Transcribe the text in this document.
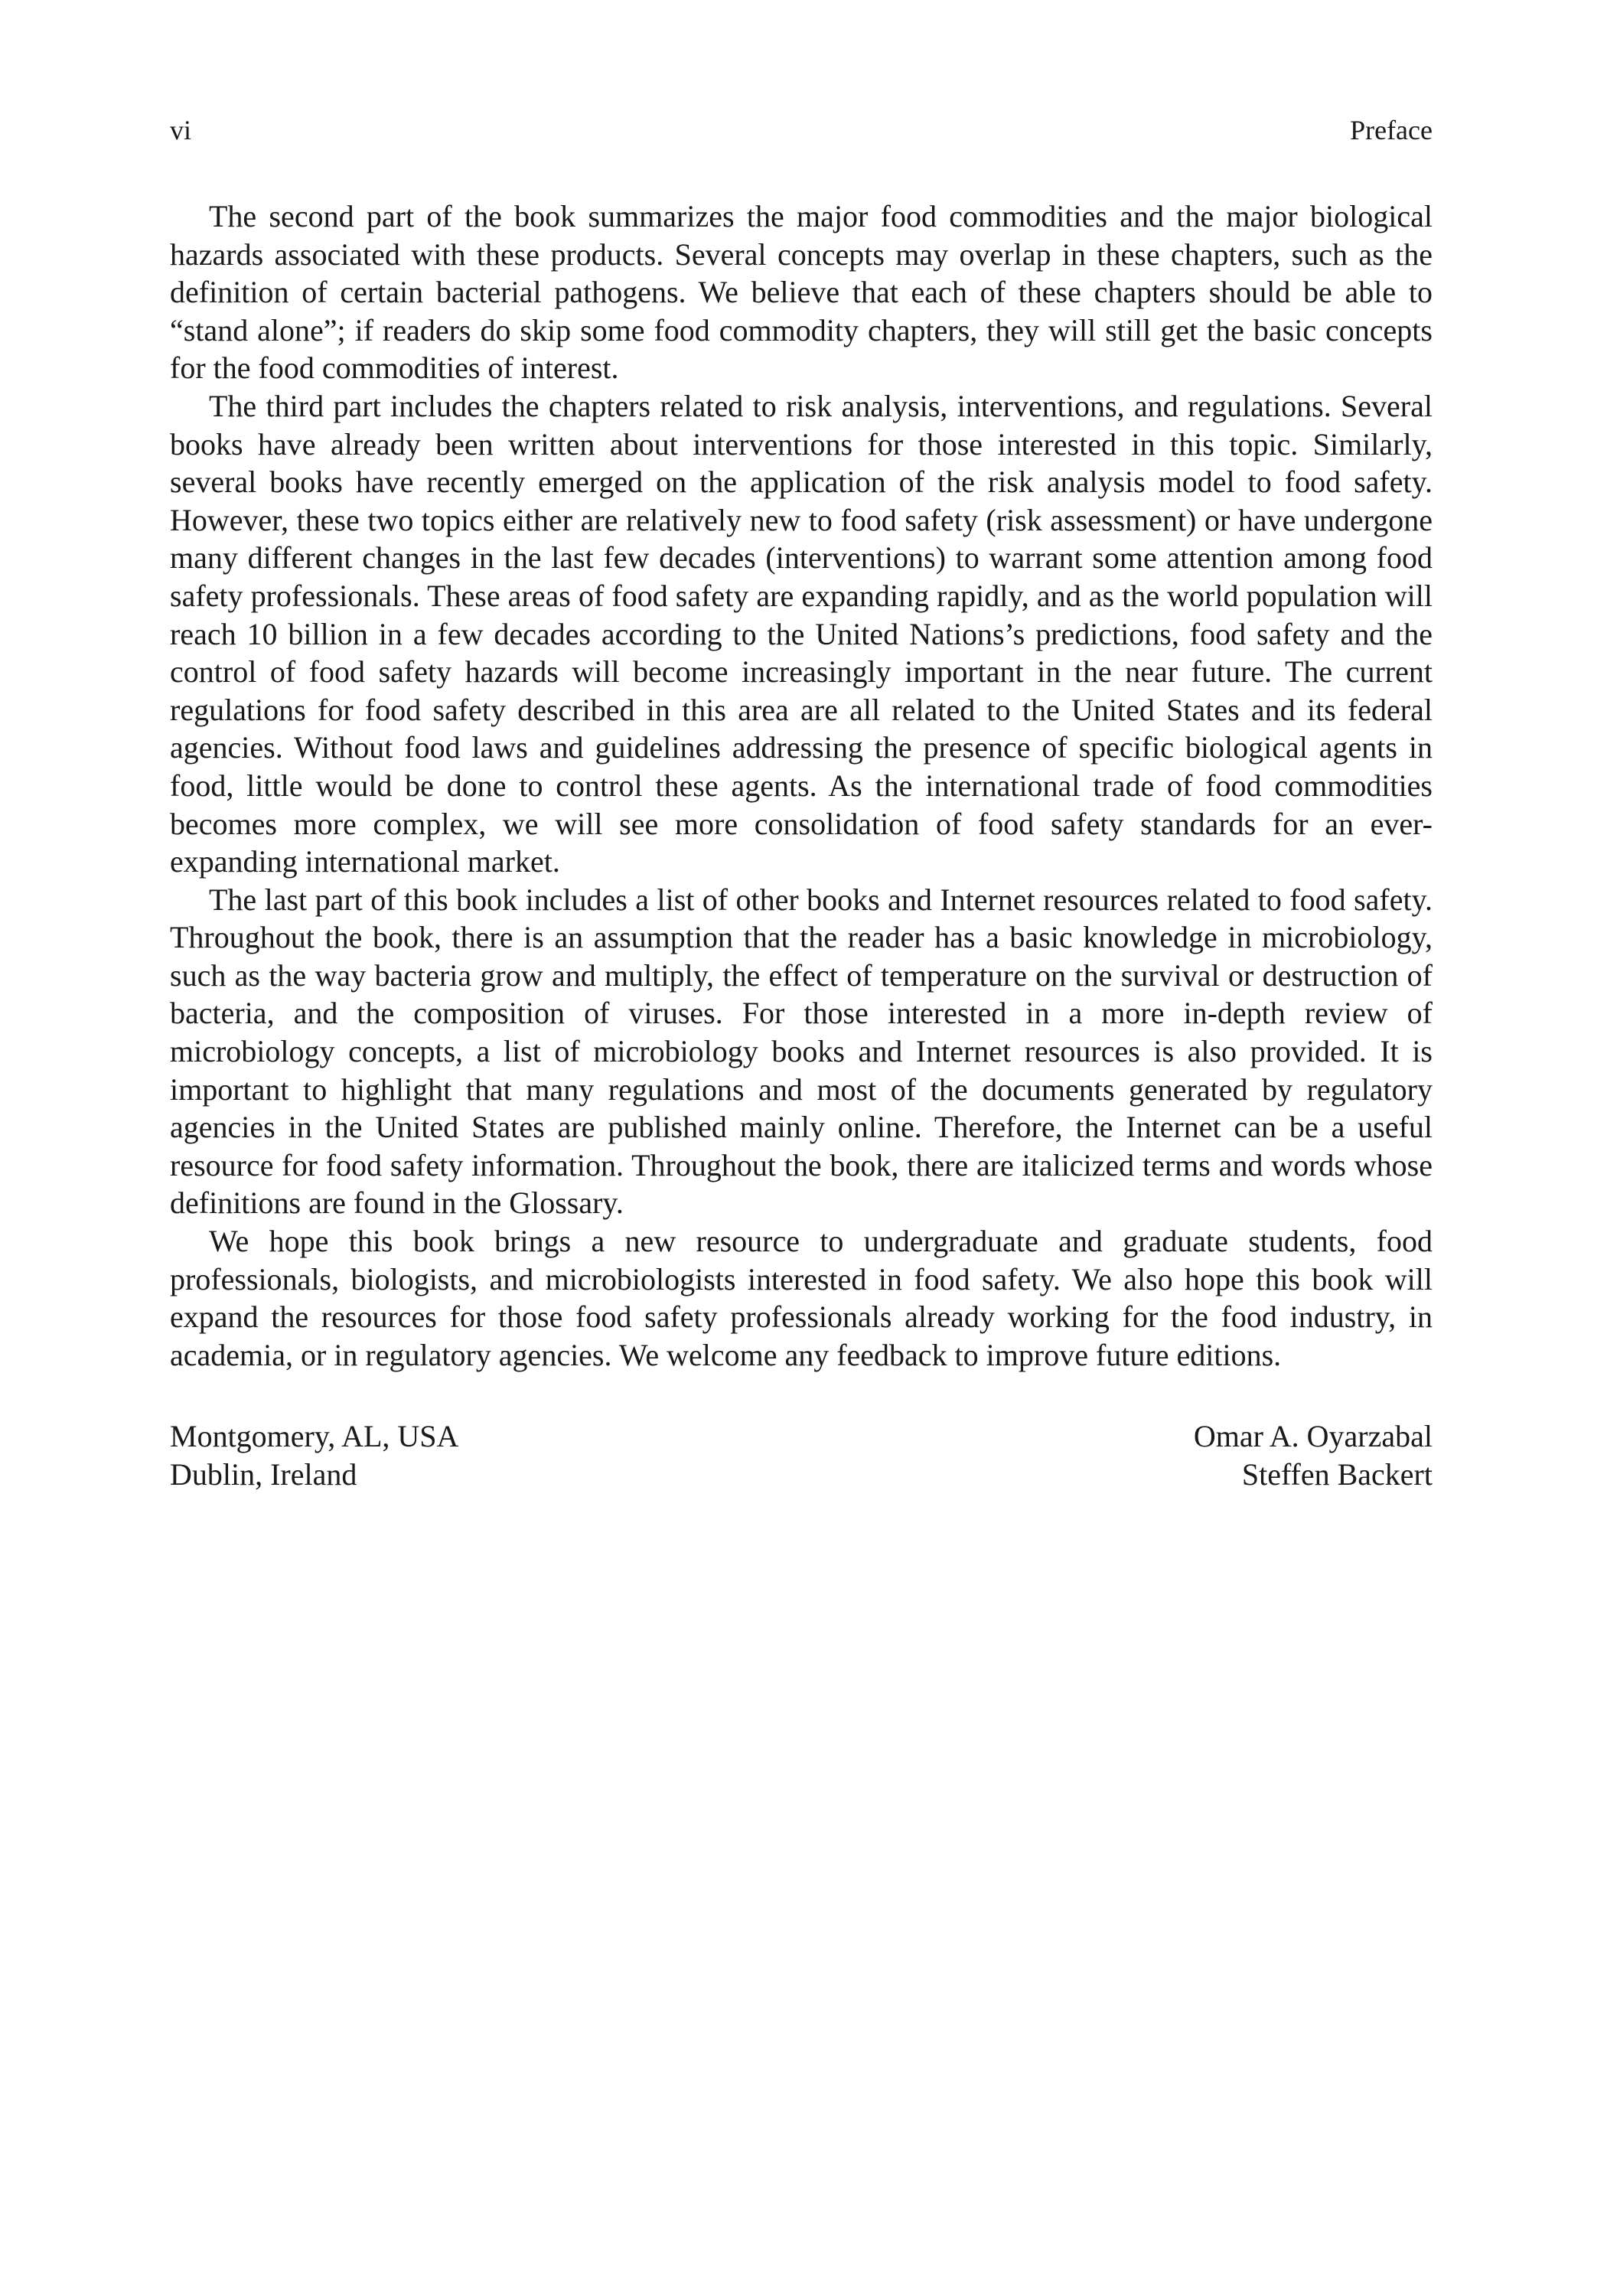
vi	Preface

The second part of the book summarizes the major food commodities and the major biological hazards associated with these products. Several concepts may overlap in these chapters, such as the definition of certain bacterial pathogens. We believe that each of these chapters should be able to “stand alone”; if readers do skip some food commodity chapters, they will still get the basic concepts for the food commodities of interest.

The third part includes the chapters related to risk analysis, interventions, and regulations. Several books have already been written about interventions for those interested in this topic. Similarly, several books have recently emerged on the application of the risk analysis model to food safety. However, these two topics either are relatively new to food safety (risk assessment) or have undergone many different changes in the last few decades (interventions) to warrant some attention among food safety professionals. These areas of food safety are expanding rapidly, and as the world population will reach 10 billion in a few decades according to the United Nations’s predictions, food safety and the control of food safety hazards will become increasingly important in the near future. The current regulations for food safety described in this area are all related to the United States and its federal agencies. Without food laws and guidelines addressing the presence of specific biological agents in food, little would be done to control these agents. As the international trade of food commodities becomes more complex, we will see more consolidation of food safety standards for an ever-expanding international market.

The last part of this book includes a list of other books and Internet resources related to food safety. Throughout the book, there is an assumption that the reader has a basic knowledge in microbiology, such as the way bacteria grow and multiply, the effect of temperature on the survival or destruction of bacteria, and the composition of viruses. For those interested in a more in-depth review of microbiology concepts, a list of microbiology books and Internet resources is also provided. It is important to highlight that many regulations and most of the documents generated by regulatory agencies in the United States are published mainly online. Therefore, the Internet can be a useful resource for food safety information. Throughout the book, there are italicized terms and words whose definitions are found in the Glossary.

We hope this book brings a new resource to undergraduate and graduate students, food professionals, biologists, and microbiologists interested in food safety. We also hope this book will expand the resources for those food safety professionals already working for the food industry, in academia, or in regulatory agencies. We welcome any feedback to improve future editions.

Montgomery, AL, USA	Omar A. Oyarzabal
Dublin, Ireland	Steffen Backert
